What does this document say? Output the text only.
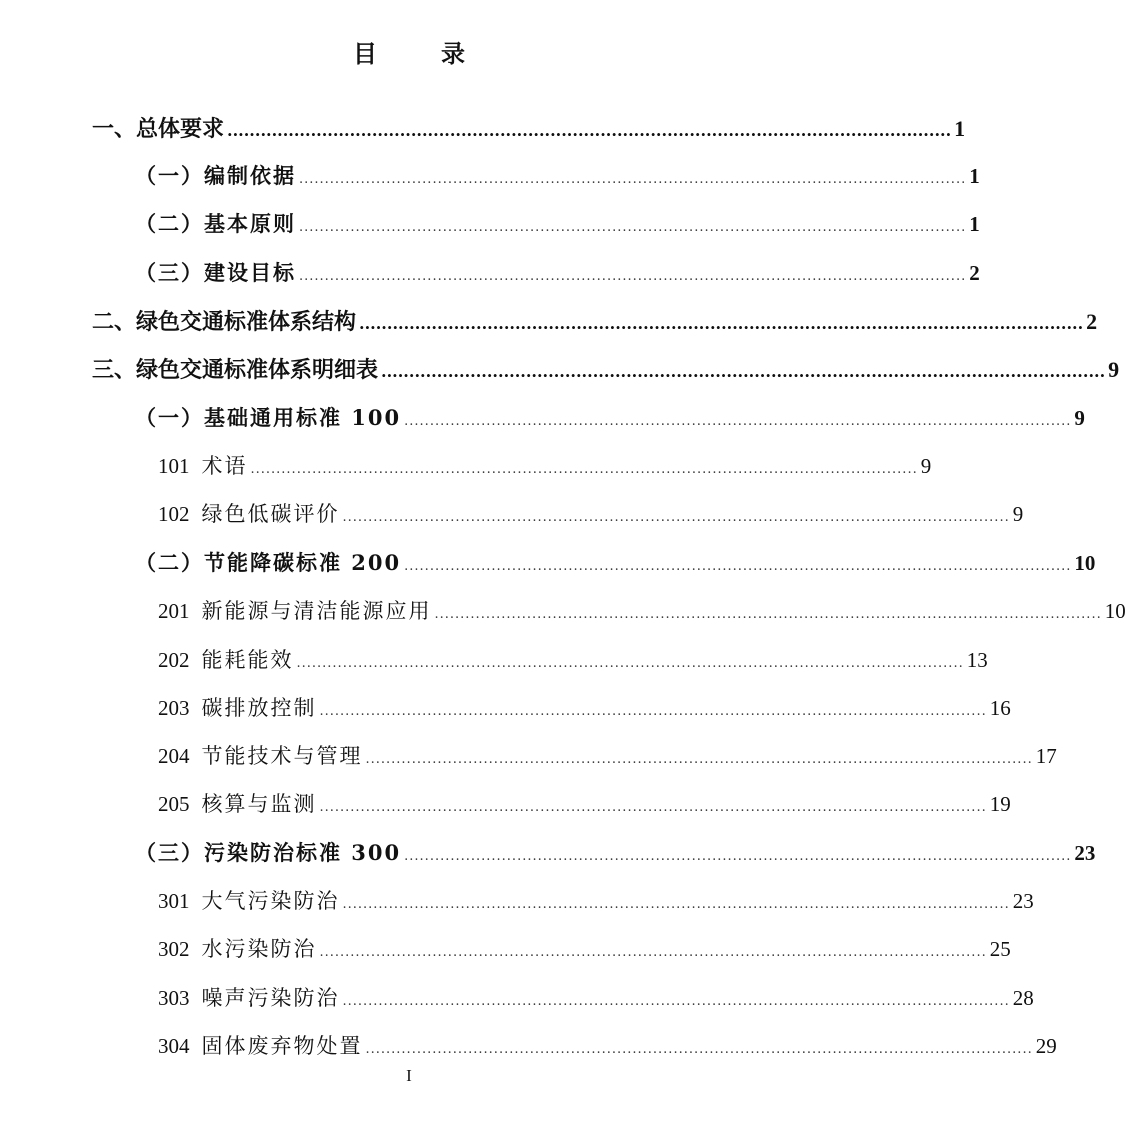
目　录
一、总体要求 .................................................................................................................................. 1
（一）编制依据 .................................................................................................................................. 1
（二）基本原则 .................................................................................................................................. 1
（三）建设目标 .................................................................................................................................. 2
二、绿色交通标准体系结构 .................................................................................................................................. 2
三、绿色交通标准体系明细表 .................................................................................................................................. 9
（一）基础通用标准 100 .................................................................................................................................. 9
101 术语 .................................................................................................................................. 9
102 绿色低碳评价 .................................................................................................................................. 9
（二）节能降碳标准 200 .................................................................................................................................. 10
201 新能源与清洁能源应用 .................................................................................................................................. 10
202 能耗能效 .................................................................................................................................. 13
203 碳排放控制 .................................................................................................................................. 16
204 节能技术与管理 .................................................................................................................................. 17
205 核算与监测 .................................................................................................................................. 19
（三）污染防治标准 300 .................................................................................................................................. 23
301 大气污染防治 .................................................................................................................................. 23
302 水污染防治 .................................................................................................................................. 25
303 噪声污染防治 .................................................................................................................................. 28
304 固体废弃物处置 .................................................................................................................................. 29
I
